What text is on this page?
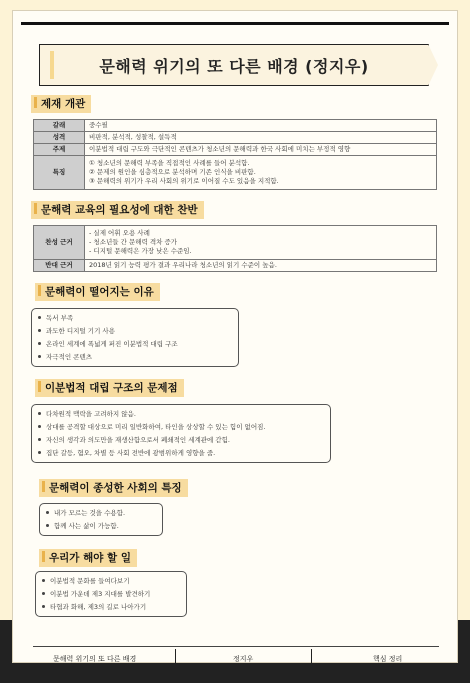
문해력 위기의 또 다른 배경 (정지우)
제재 개관
갈래	중수필
성격	비판적, 분석적, 성찰적, 설득적
주제	이분법적 대립 구도와 극단적인 콘텐츠가 청소년의 문해력과 한국 사회에 미치는 부정적 영향
특징	① 청소년의 문해력 부족을 직접적인 사례를 들어 분석함.
② 문제의 원인을 심층적으로 분석하며 기존 인식을 비판함.
③ 문해력의 위기가 우리 사회의 위기로 이어질 수도 있음을 지적함.
문해력 교육의 필요성에 대한 찬반
찬성 근거	- 실제 어휘 오용 사례
- 청소년들 간 문해력 격차 증가
- 디지털 문해력은 가장 낮은 수준임.

반대 근거	2018년 읽기 능력 평가 결과 우리나라 청소년의 읽기 수준이 높음.
문해력이 떨어지는 이유
독서 부족
과도한 디지털 기기 사용
온라인 세계에 폭넓게 퍼진 이분법적 대립 구조
자극적인 콘텐츠
이분법적 대립 구조의 문제점
다차원적 맥락을 고려하지 않음.
상대를 공격할 대상으로 미리 일반화하여, 타인을 상상할 수 있는 힘이 없어짐.
자신의 생각과 의도만을 재생산함으로서 폐쇄적인 세계관에 갇힘.
집단 갈등, 혐오, 차별 등 사회 전반에 광범위하게 영향을 줌.
문해력이 종성한 사회의 특징
내가 모르는 것을 수용함.
함께 사는 삶이 가능함.
우리가 해야 할 일
이분법적 문화를 들여다보기
이분법 가운데 제3 지대를 발견하기
타협과 화해, 제3의 길로 나아가기
문해력 위기의 또 다른 배경	정지우	핵심 정리
